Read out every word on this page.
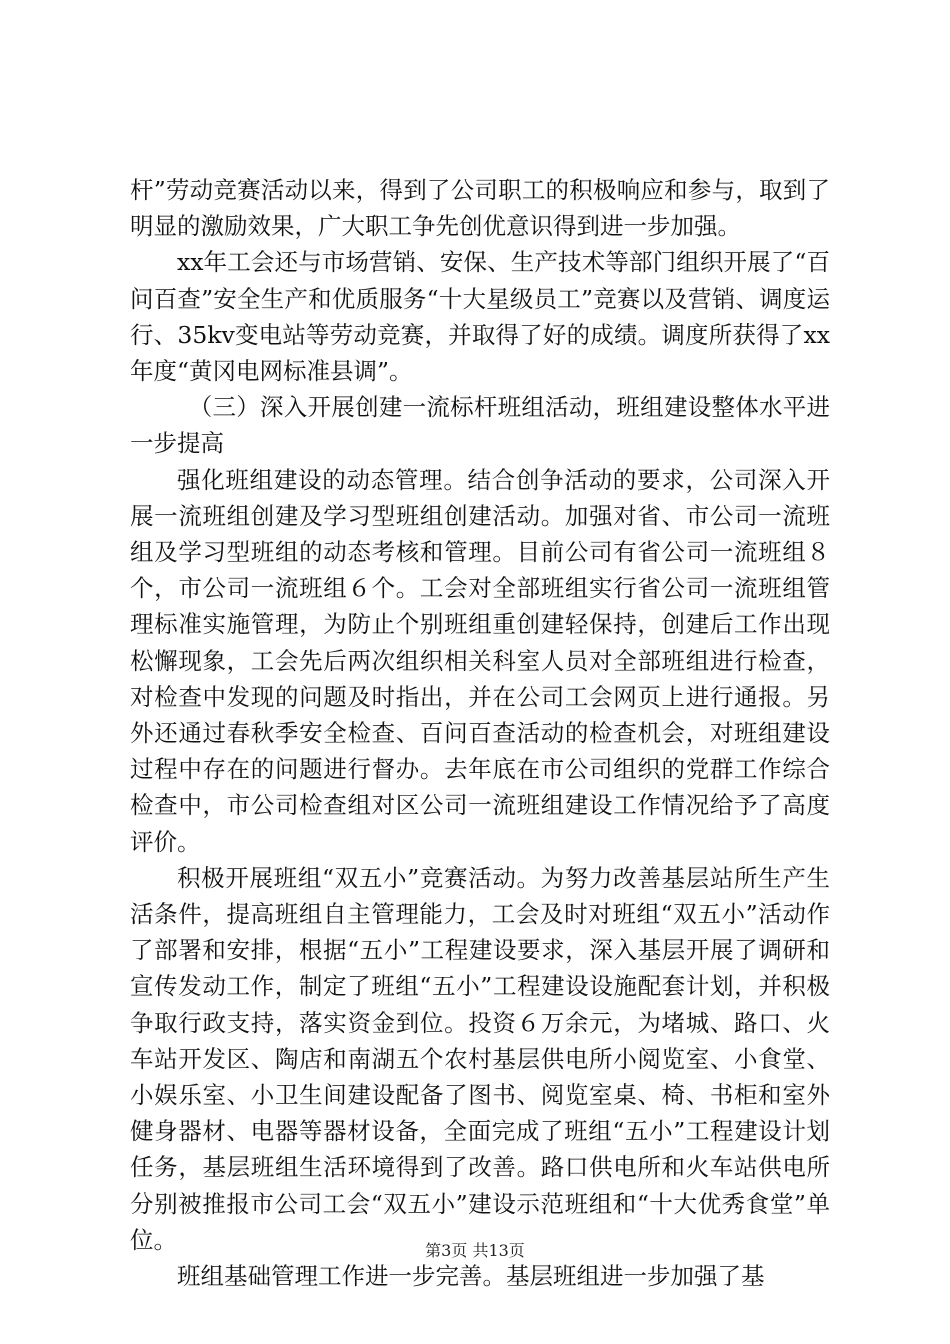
杆”劳动竞赛活动以来，得到了公司职工的积极响应和参与，取到了明显的激励效果，广大职工争先创优意识得到进一步加强。

xx年工会还与市场营销、安保、生产技术等部门组织开展了“百问百查”安全生产和优质服务“十大星级员工”竞赛以及营销、调度运行、35kv变电站等劳动竞赛，并取得了好的成绩。调度所获得了xx年度“黄冈电网标准县调”。

（三）深入开展创建一流标杆班组活动，班组建设整体水平进一步提高

强化班组建设的动态管理。结合创争活动的要求，公司深入开展一流班组创建及学习型班组创建活动。加强对省、市公司一流班组及学习型班组的动态考核和管理。目前公司有省公司一流班组８个，市公司一流班组６个。工会对全部班组实行省公司一流班组管理标准实施管理，为防止个别班组重创建轻保持，创建后工作出现松懈现象，工会先后两次组织相关科室人员对全部班组进行检查，对检查中发现的问题及时指出，并在公司工会网页上进行通报。另外还通过春秋季安全检查、百问百查活动的检查机会，对班组建设过程中存在的问题进行督办。去年底在市公司组织的党群工作综合检查中，市公司检查组对区公司一流班组建设工作情况给予了高度评价。

积极开展班组“双五小”竞赛活动。为努力改善基层站所生产生活条件，提高班组自主管理能力，工会及时对班组“双五小”活动作了部署和安排，根据“五小”工程建设要求，深入基层开展了调研和宣传发动工作，制定了班组“五小”工程建设设施配套计划，并积极争取行政支持，落实资金到位。投资６万余元，为堵城、路口、火车站开发区、陶店和南湖五个农村基层供电所小阅览室、小食堂、小娱乐室、小卫生间建设配备了图书、阅览室桌、椅、书柜和室外健身器材、电器等器材设备，全面完成了班组“五小”工程建设计划任务，基层班组生活环境得到了改善。路口供电所和火车站供电所分别被推报市公司工会“双五小”建设示范班组和“十大优秀食堂”单位。

班组基础管理工作进一步完善。基层班组进一步加强了基

第3页 共13页
